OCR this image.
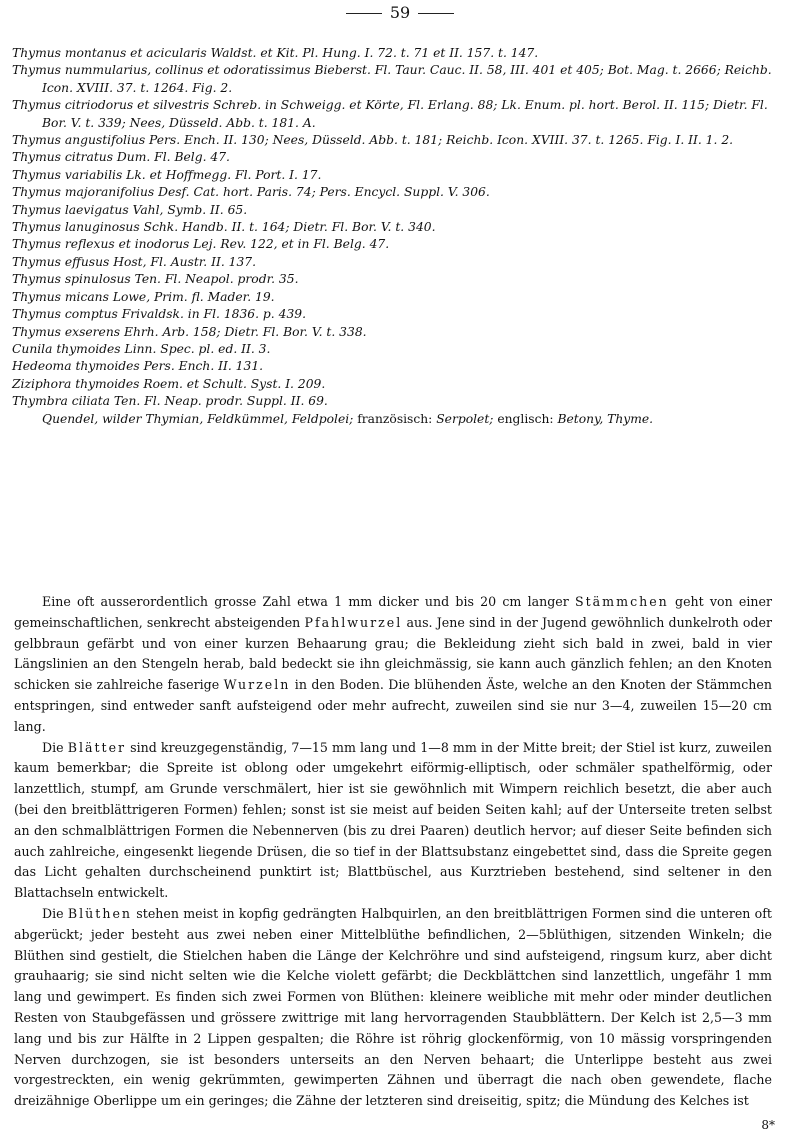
59

Thymus montanus et acicularis Waldst. et Kit. Pl. Hung. I. 72. t. 71 et II. 157. t. 147.

Thymus nummularius, collinus et odoratissimus Bieberst. Fl. Taur. Cauc. II. 58, III. 401 et 405; Bot. Mag. t. 2666; Reichb. Icon. XVIII. 37. t. 1264. Fig. 2.

Thymus citriodorus et silvestris Schreb. in Schweigg. et Körte, Fl. Erlang. 88; Lk. Enum. pl. hort. Berol. II. 115; Dietr. Fl. Bor. V. t. 339; Nees, Düsseld. Abb. t. 181. A.

Thymus angustifolius Pers. Ench. II. 130; Nees, Düsseld. Abb. t. 181; Reichb. Icon. XVIII. 37. t. 1265. Fig. I. II. 1. 2.

Thymus citratus Dum. Fl. Belg. 47.

Thymus variabilis Lk. et Hoffmegg. Fl. Port. I. 17.

Thymus majoranifolius Desf. Cat. hort. Paris. 74; Pers. Encycl. Suppl. V. 306.

Thymus laevigatus Vahl, Symb. II. 65.

Thymus lanuginosus Schk. Handb. II. t. 164; Dietr. Fl. Bor. V. t. 340.

Thymus reflexus et inodorus Lej. Rev. 122, et in Fl. Belg. 47.

Thymus effusus Host, Fl. Austr. II. 137.

Thymus spinulosus Ten. Fl. Neapol. prodr. 35.

Thymus micans Lowe, Prim. fl. Mader. 19.

Thymus comptus Frivaldsk. in Fl. 1836. p. 439.

Thymus exserens Ehrh. Arb. 158; Dietr. Fl. Bor. V. t. 338.

Cunila thymoides Linn. Spec. pl. ed. II. 3.

Hedeoma thymoides Pers. Ench. II. 131.

Ziziphora thymoides Roem. et Schult. Syst. I. 209.

Thymbra ciliata Ten. Fl. Neap. prodr. Suppl. II. 69.

Quendel, wilder Thymian, Feldkümmel, Feldpolei; französisch: Serpolet; englisch: Betony, Thyme.

Eine oft ausserordentlich grosse Zahl etwa 1 mm dicker und bis 20 cm langer Stämmchen geht von einer gemeinschaftlichen, senkrecht absteigenden Pfahlwurzel aus. Jene sind in der Jugend gewöhnlich dunkelroth oder gelbbraun gefärbt und von einer kurzen Behaarung grau; die Bekleidung zieht sich bald in zwei, bald in vier Längslinien an den Stengeln herab, bald bedeckt sie ihn gleichmässig, sie kann auch gänzlich fehlen; an den Knoten schicken sie zahlreiche faserige Wurzeln in den Boden. Die blühenden Äste, welche an den Knoten der Stämmchen entspringen, sind entweder sanft aufsteigend oder mehr aufrecht, zuweilen sind sie nur 3—4, zuweilen 15—20 cm lang.

Die Blätter sind kreuzgegenständig, 7—15 mm lang und 1—8 mm in der Mitte breit; der Stiel ist kurz, zuweilen kaum bemerkbar; die Spreite ist oblong oder umgekehrt eiförmig-elliptisch, oder schmäler spathelförmig, oder lanzettlich, stumpf, am Grunde verschmälert, hier ist sie gewöhnlich mit Wimpern reichlich besetzt, die aber auch (bei den breitblättrigeren Formen) fehlen; sonst ist sie meist auf beiden Seiten kahl; auf der Unterseite treten selbst an den schmalblättrigen Formen die Nebennerven (bis zu drei Paaren) deutlich hervor; auf dieser Seite befinden sich auch zahlreiche, eingesenkt liegende Drüsen, die so tief in der Blattsubstanz eingebettet sind, dass die Spreite gegen das Licht gehalten durchscheinend punktirt ist; Blattbüschel, aus Kurztrieben bestehend, sind seltener in den Blattachseln entwickelt.

Die Blüthen stehen meist in kopfig gedrängten Halbquirlen, an den breitblättrigen Formen sind die unteren oft abgerückt; jeder besteht aus zwei neben einer Mittelblüthe befindlichen, 2—5blüthigen, sitzenden Winkeln; die Blüthen sind gestielt, die Stielchen haben die Länge der Kelchröhre und sind aufsteigend, ringsum kurz, aber dicht grauhaarig; sie sind nicht selten wie die Kelche violett gefärbt; die Deckblättchen sind lanzettlich, ungefähr 1 mm lang und gewimpert. Es finden sich zwei Formen von Blüthen: kleinere weibliche mit mehr oder minder deutlichen Resten von Staubgefässen und grössere zwittrige mit lang hervorragenden Staubblättern. Der Kelch ist 2,5—3 mm lang und bis zur Hälfte in 2 Lippen gespalten; die Röhre ist röhrig glockenförmig, von 10 mässig vorspringenden Nerven durchzogen, sie ist besonders unterseits an den Nerven behaart; die Unterlippe besteht aus zwei vorgestreckten, ein wenig gekrümmten, gewimperten Zähnen und überragt die nach oben gewendete, flache dreizähnige Oberlippe um ein geringes; die Zähne der letzteren sind dreiseitig, spitz; die Mündung des Kelches ist

8*
